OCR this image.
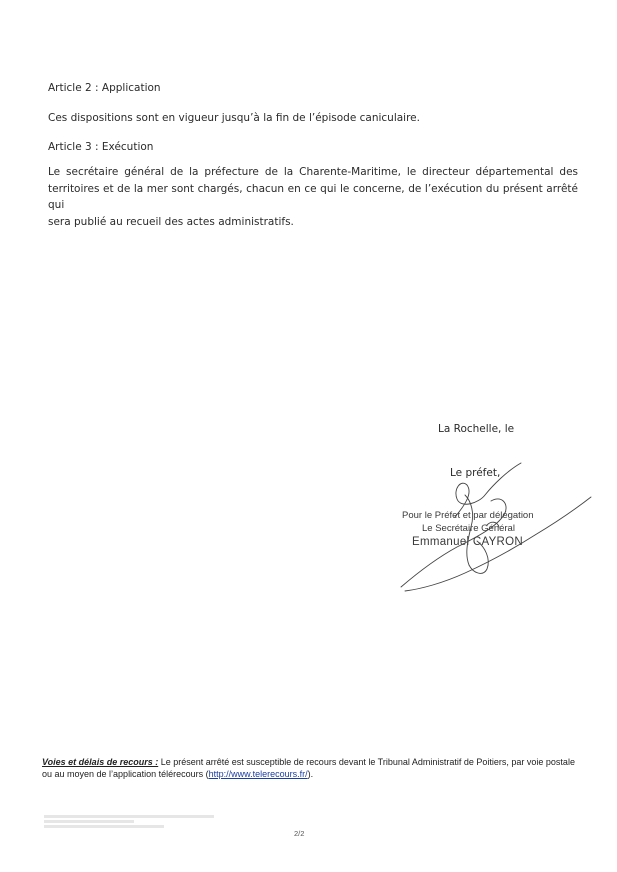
Article 2 : Application
Ces dispositions sont en vigueur jusqu’à la fin de l’épisode caniculaire.
Article 3 : Exécution
Le secrétaire général de la préfecture de la Charente-Maritime, le directeur départemental des
territoires et de la mer sont chargés, chacun en ce qui le concerne, de l’exécution du présent arrêté qui
sera publié au recueil des actes administratifs.
La Rochelle, le
Le préfet,
Pour le Préfet et par délégation
Le Secrétaire Général
Emmanuel CAYRON
Voies et délais de recours : Le présent arrêté est susceptible de recours devant le Tribunal Administratif de Poitiers, par voie postale ou au moyen de l’application télérecours (http://www.telerecours.fr/).
2/2
